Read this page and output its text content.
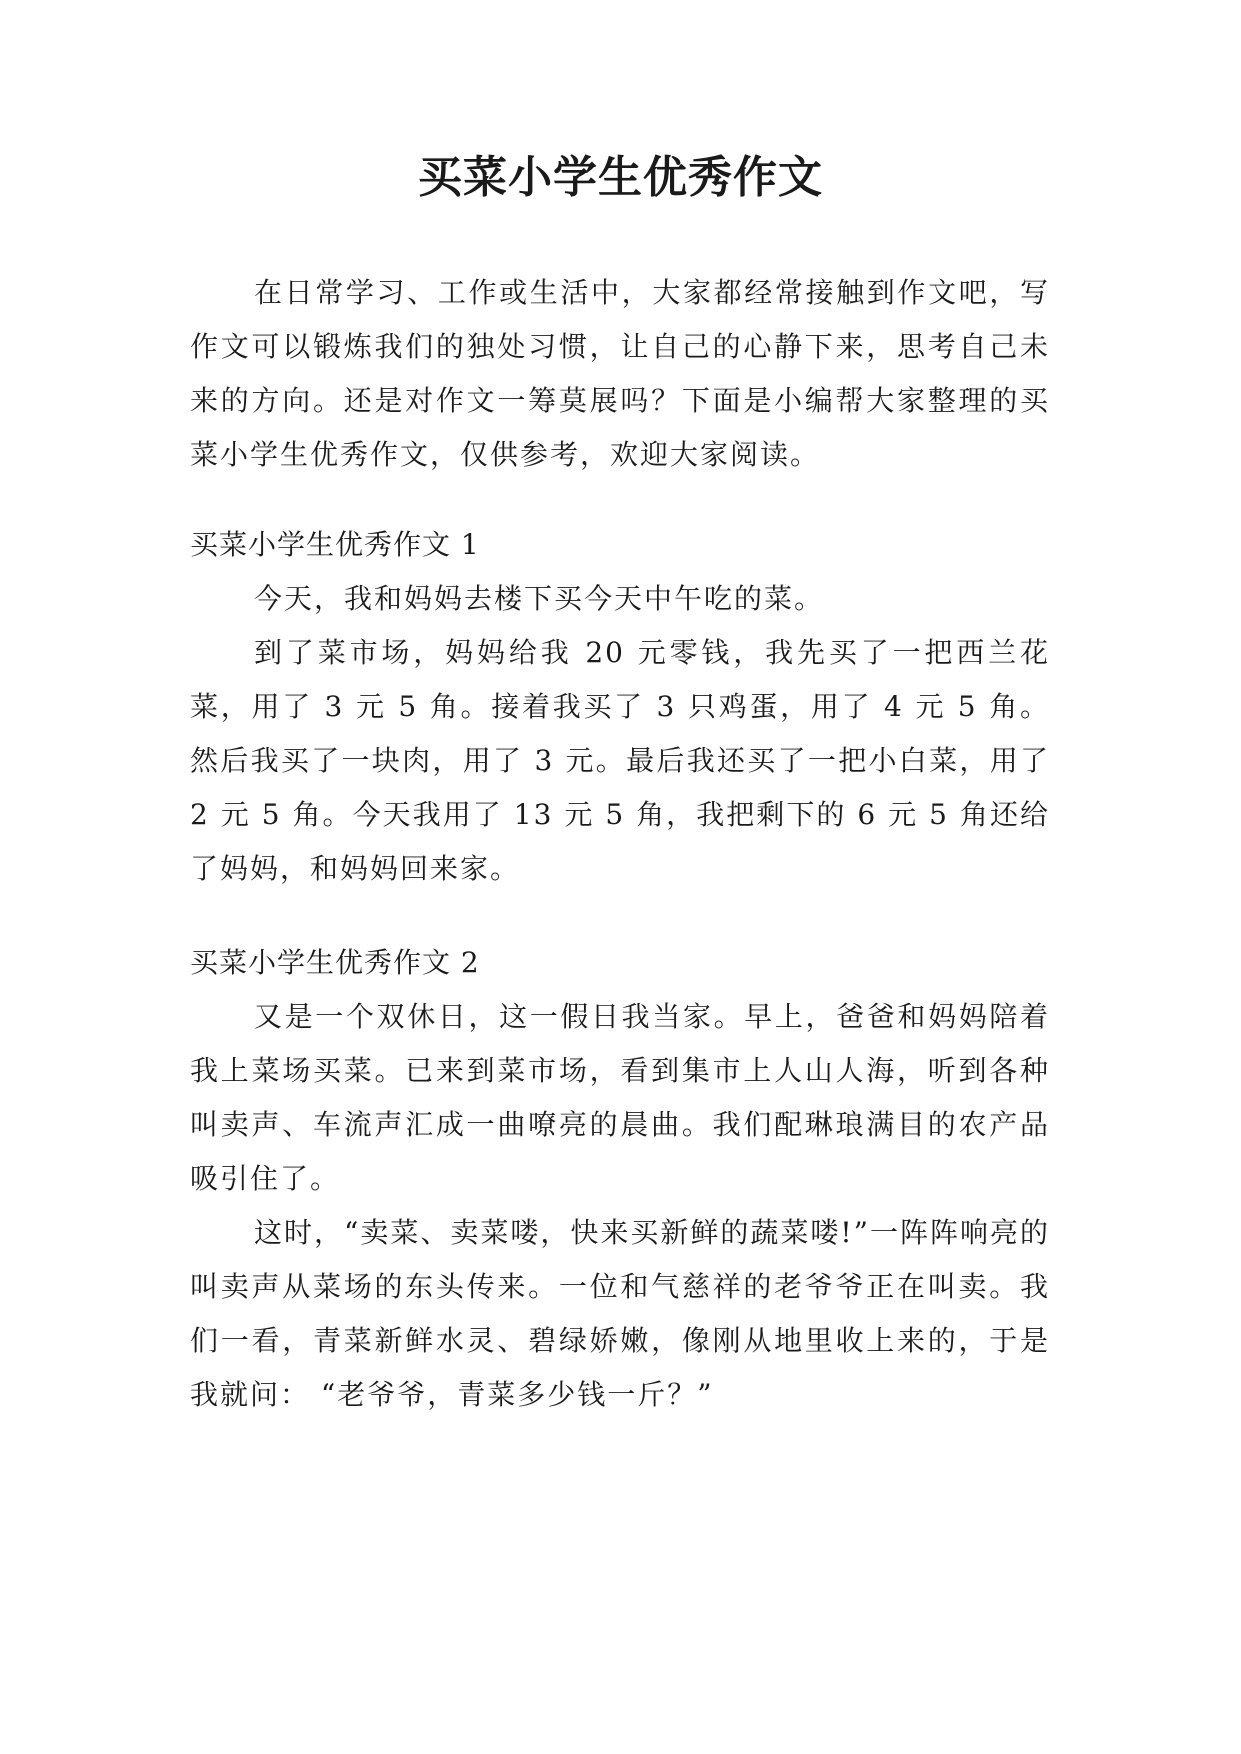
买菜小学生优秀作文

在日常学习、工作或生活中，大家都经常接触到作文吧，写作文可以锻炼我们的独处习惯，让自己的心静下来，思考自己未来的方向。还是对作文一筹莫展吗？下面是小编帮大家整理的买菜小学生优秀作文，仅供参考，欢迎大家阅读。

买菜小学生优秀作文 1

今天，我和妈妈去楼下买今天中午吃的菜。

到了菜市场，妈妈给我 20 元零钱，我先买了一把西兰花菜，用了 3 元 5 角。接着我买了 3 只鸡蛋，用了 4 元 5 角。然后我买了一块肉，用了 3 元。最后我还买了一把小白菜，用了 2 元 5 角。今天我用了 13 元 5 角，我把剩下的 6 元 5 角还给了妈妈，和妈妈回来家。

买菜小学生优秀作文 2

又是一个双休日，这一假日我当家。早上，爸爸和妈妈陪着我上菜场买菜。已来到菜市场，看到集市上人山人海，听到各种叫卖声、车流声汇成一曲嘹亮的晨曲。我们配琳琅满目的农产品吸引住了。

这时，“卖菜、卖菜喽，快来买新鲜的蔬菜喽!”一阵阵响亮的叫卖声从菜场的东头传来。一位和气慈祥的老爷爷正在叫卖。我们一看，青菜新鲜水灵、碧绿娇嫩，像刚从地里收上来的，于是我就问： “老爷爷，青菜多少钱一斤？”
